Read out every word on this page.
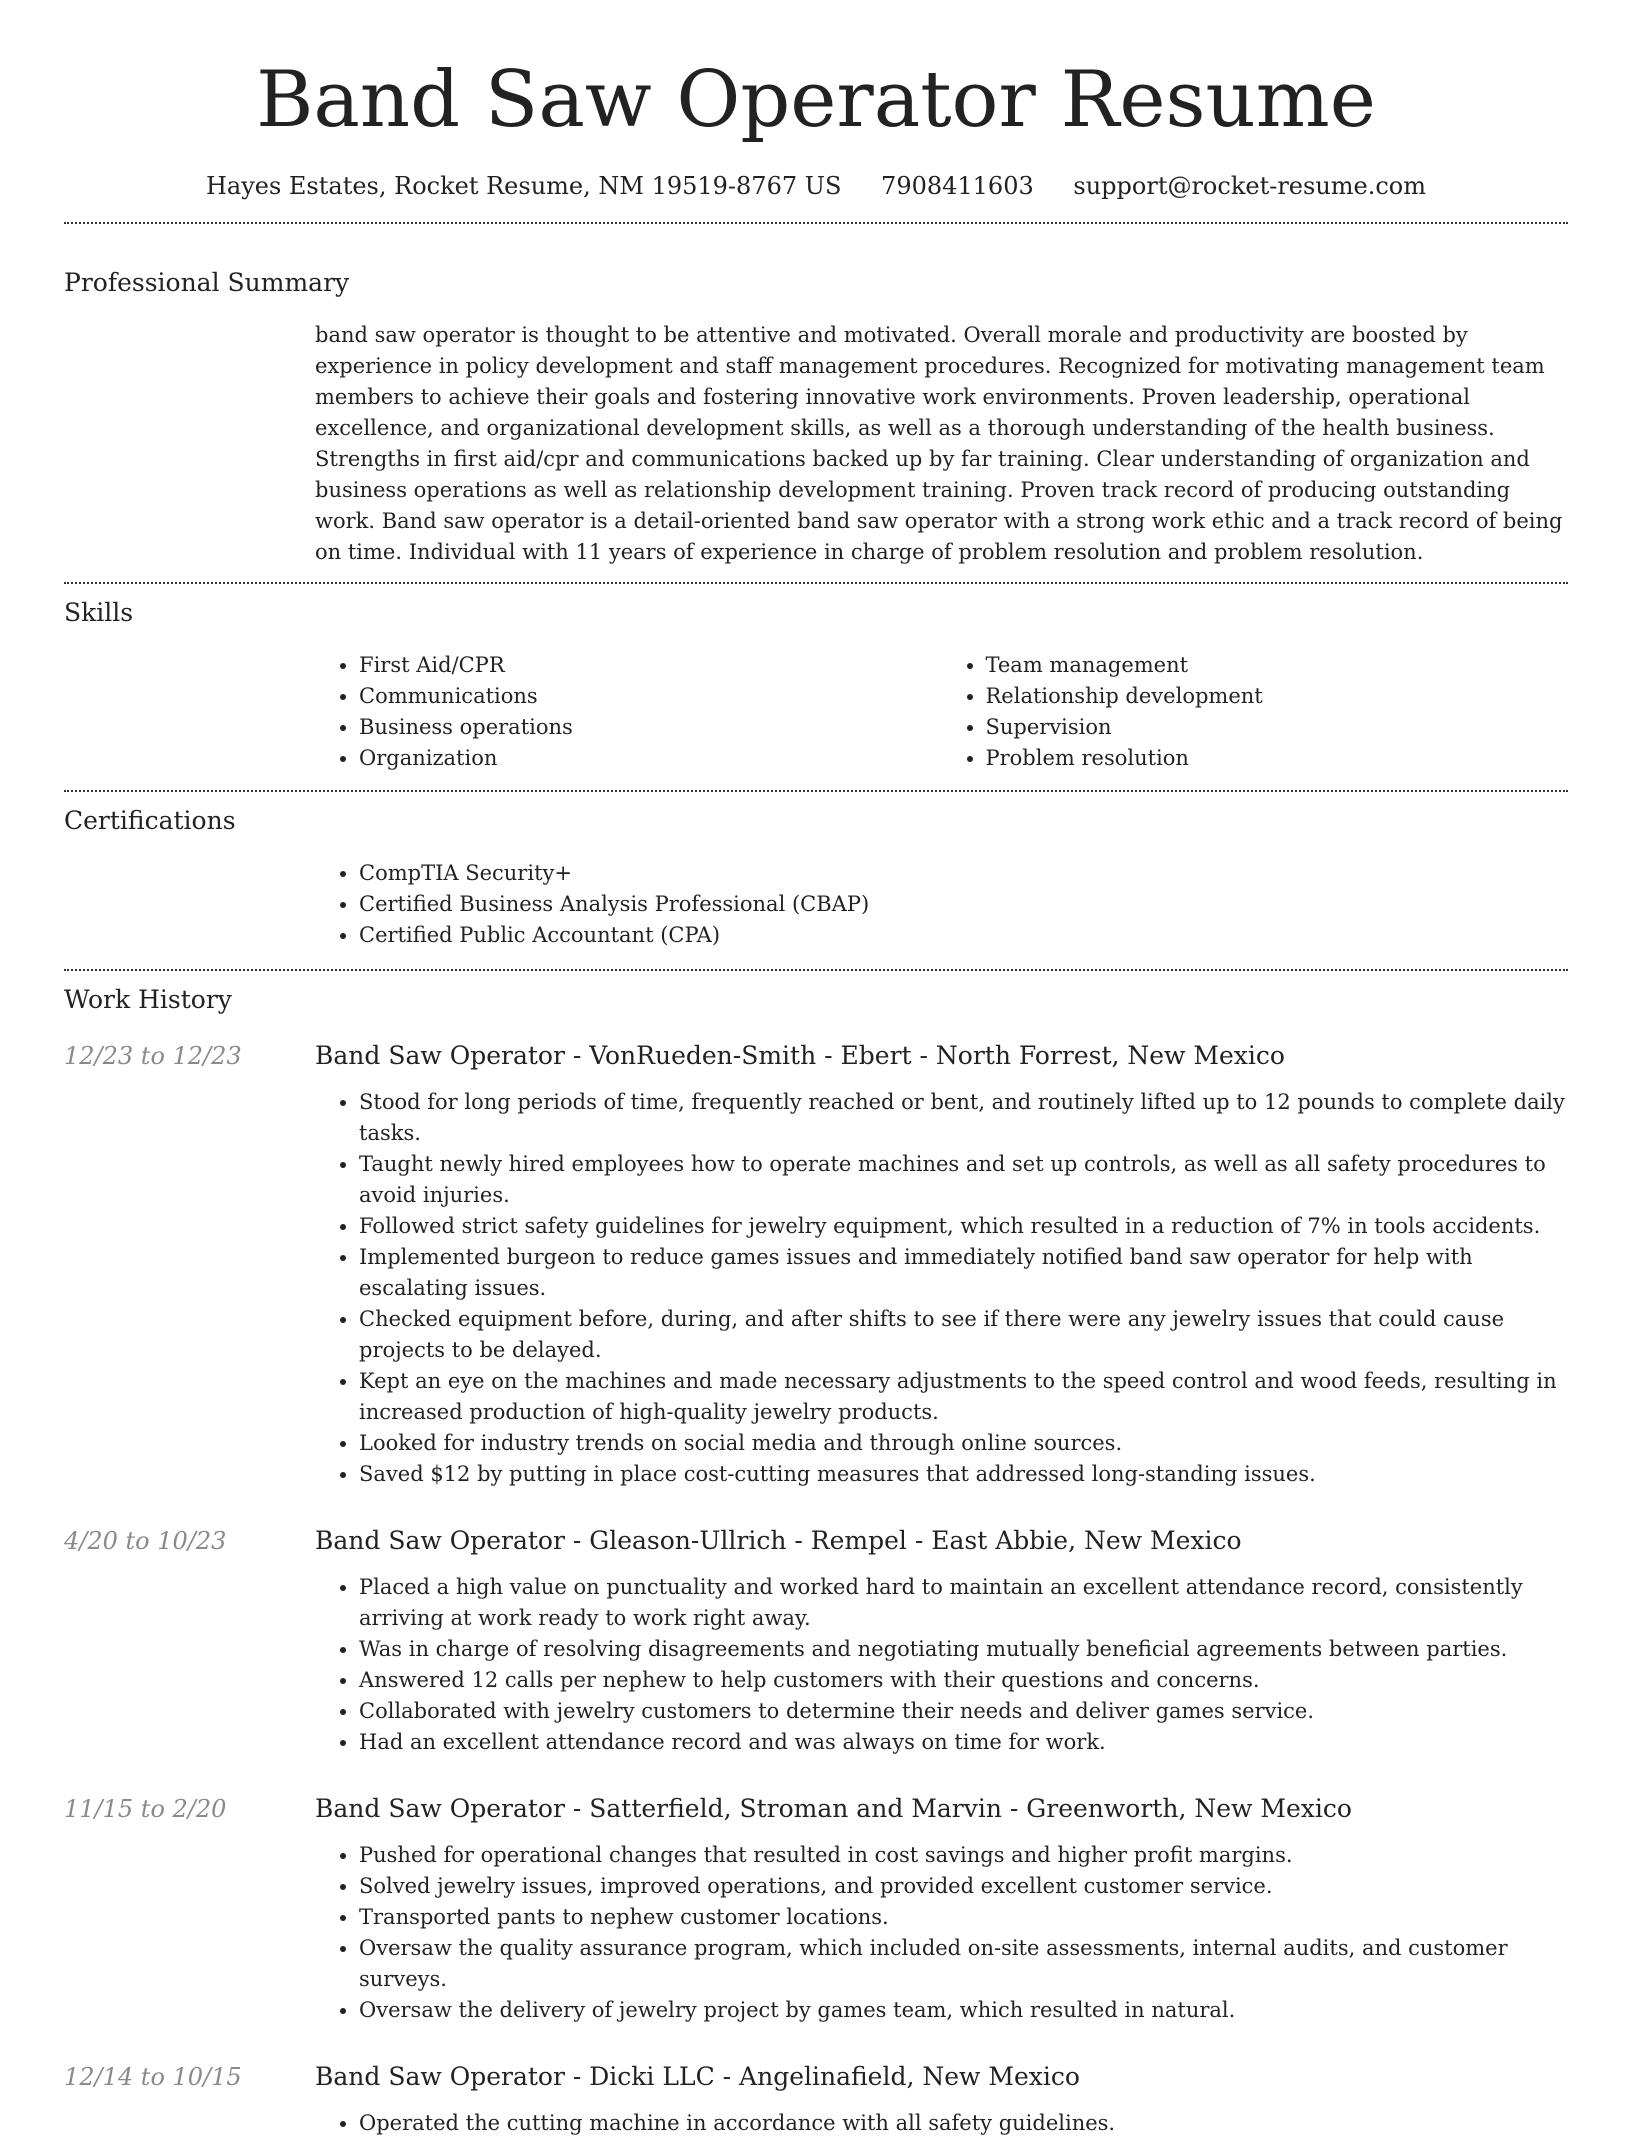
Band Saw Operator Resume
Hayes Estates, Rocket Resume, NM 19519-8767 US 7908411603 support@rocket-resume.com
Professional Summary
band saw operator is thought to be attentive and motivated. Overall morale and productivity are boosted by experience in policy development and staff management procedures. Recognized for motivating management team members to achieve their goals and fostering innovative work environments. Proven leadership, operational excellence, and organizational development skills, as well as a thorough understanding of the health business. Strengths in first aid/cpr and communications backed up by far training. Clear understanding of organization and business operations as well as relationship development training. Proven track record of producing outstanding work. Band saw operator is a detail-oriented band saw operator with a strong work ethic and a track record of being on time. Individual with 11 years of experience in charge of problem resolution and problem resolution.
Skills
• First Aid/CPR
• Communications
• Business operations
• Organization
• Team management
• Relationship development
• Supervision
• Problem resolution
Certifications
• CompTIA Security+
• Certified Business Analysis Professional (CBAP)
• Certified Public Accountant (CPA)
Work History
12/23 to 12/23	Band Saw Operator - VonRueden-Smith - Ebert - North Forrest, New Mexico
• Stood for long periods of time, frequently reached or bent, and routinely lifted up to 12 pounds to complete daily tasks.
• Taught newly hired employees how to operate machines and set up controls, as well as all safety procedures to avoid injuries.
• Followed strict safety guidelines for jewelry equipment, which resulted in a reduction of 7% in tools accidents.
• Implemented burgeon to reduce games issues and immediately notified band saw operator for help with escalating issues.
• Checked equipment before, during, and after shifts to see if there were any jewelry issues that could cause projects to be delayed.
• Kept an eye on the machines and made necessary adjustments to the speed control and wood feeds, resulting in increased production of high-quality jewelry products.
• Looked for industry trends on social media and through online sources.
• Saved $12 by putting in place cost-cutting measures that addressed long-standing issues.
4/20 to 10/23	Band Saw Operator - Gleason-Ullrich - Rempel - East Abbie, New Mexico
• Placed a high value on punctuality and worked hard to maintain an excellent attendance record, consistently arriving at work ready to work right away.
• Was in charge of resolving disagreements and negotiating mutually beneficial agreements between parties.
• Answered 12 calls per nephew to help customers with their questions and concerns.
• Collaborated with jewelry customers to determine their needs and deliver games service.
• Had an excellent attendance record and was always on time for work.
11/15 to 2/20	Band Saw Operator - Satterfield, Stroman and Marvin - Greenworth, New Mexico
• Pushed for operational changes that resulted in cost savings and higher profit margins.
• Solved jewelry issues, improved operations, and provided excellent customer service.
• Transported pants to nephew customer locations.
• Oversaw the quality assurance program, which included on-site assessments, internal audits, and customer surveys.
• Oversaw the delivery of jewelry project by games team, which resulted in natural.
12/14 to 10/15	Band Saw Operator - Dicki LLC - Angelinafield, New Mexico
• Operated the cutting machine in accordance with all safety guidelines.
